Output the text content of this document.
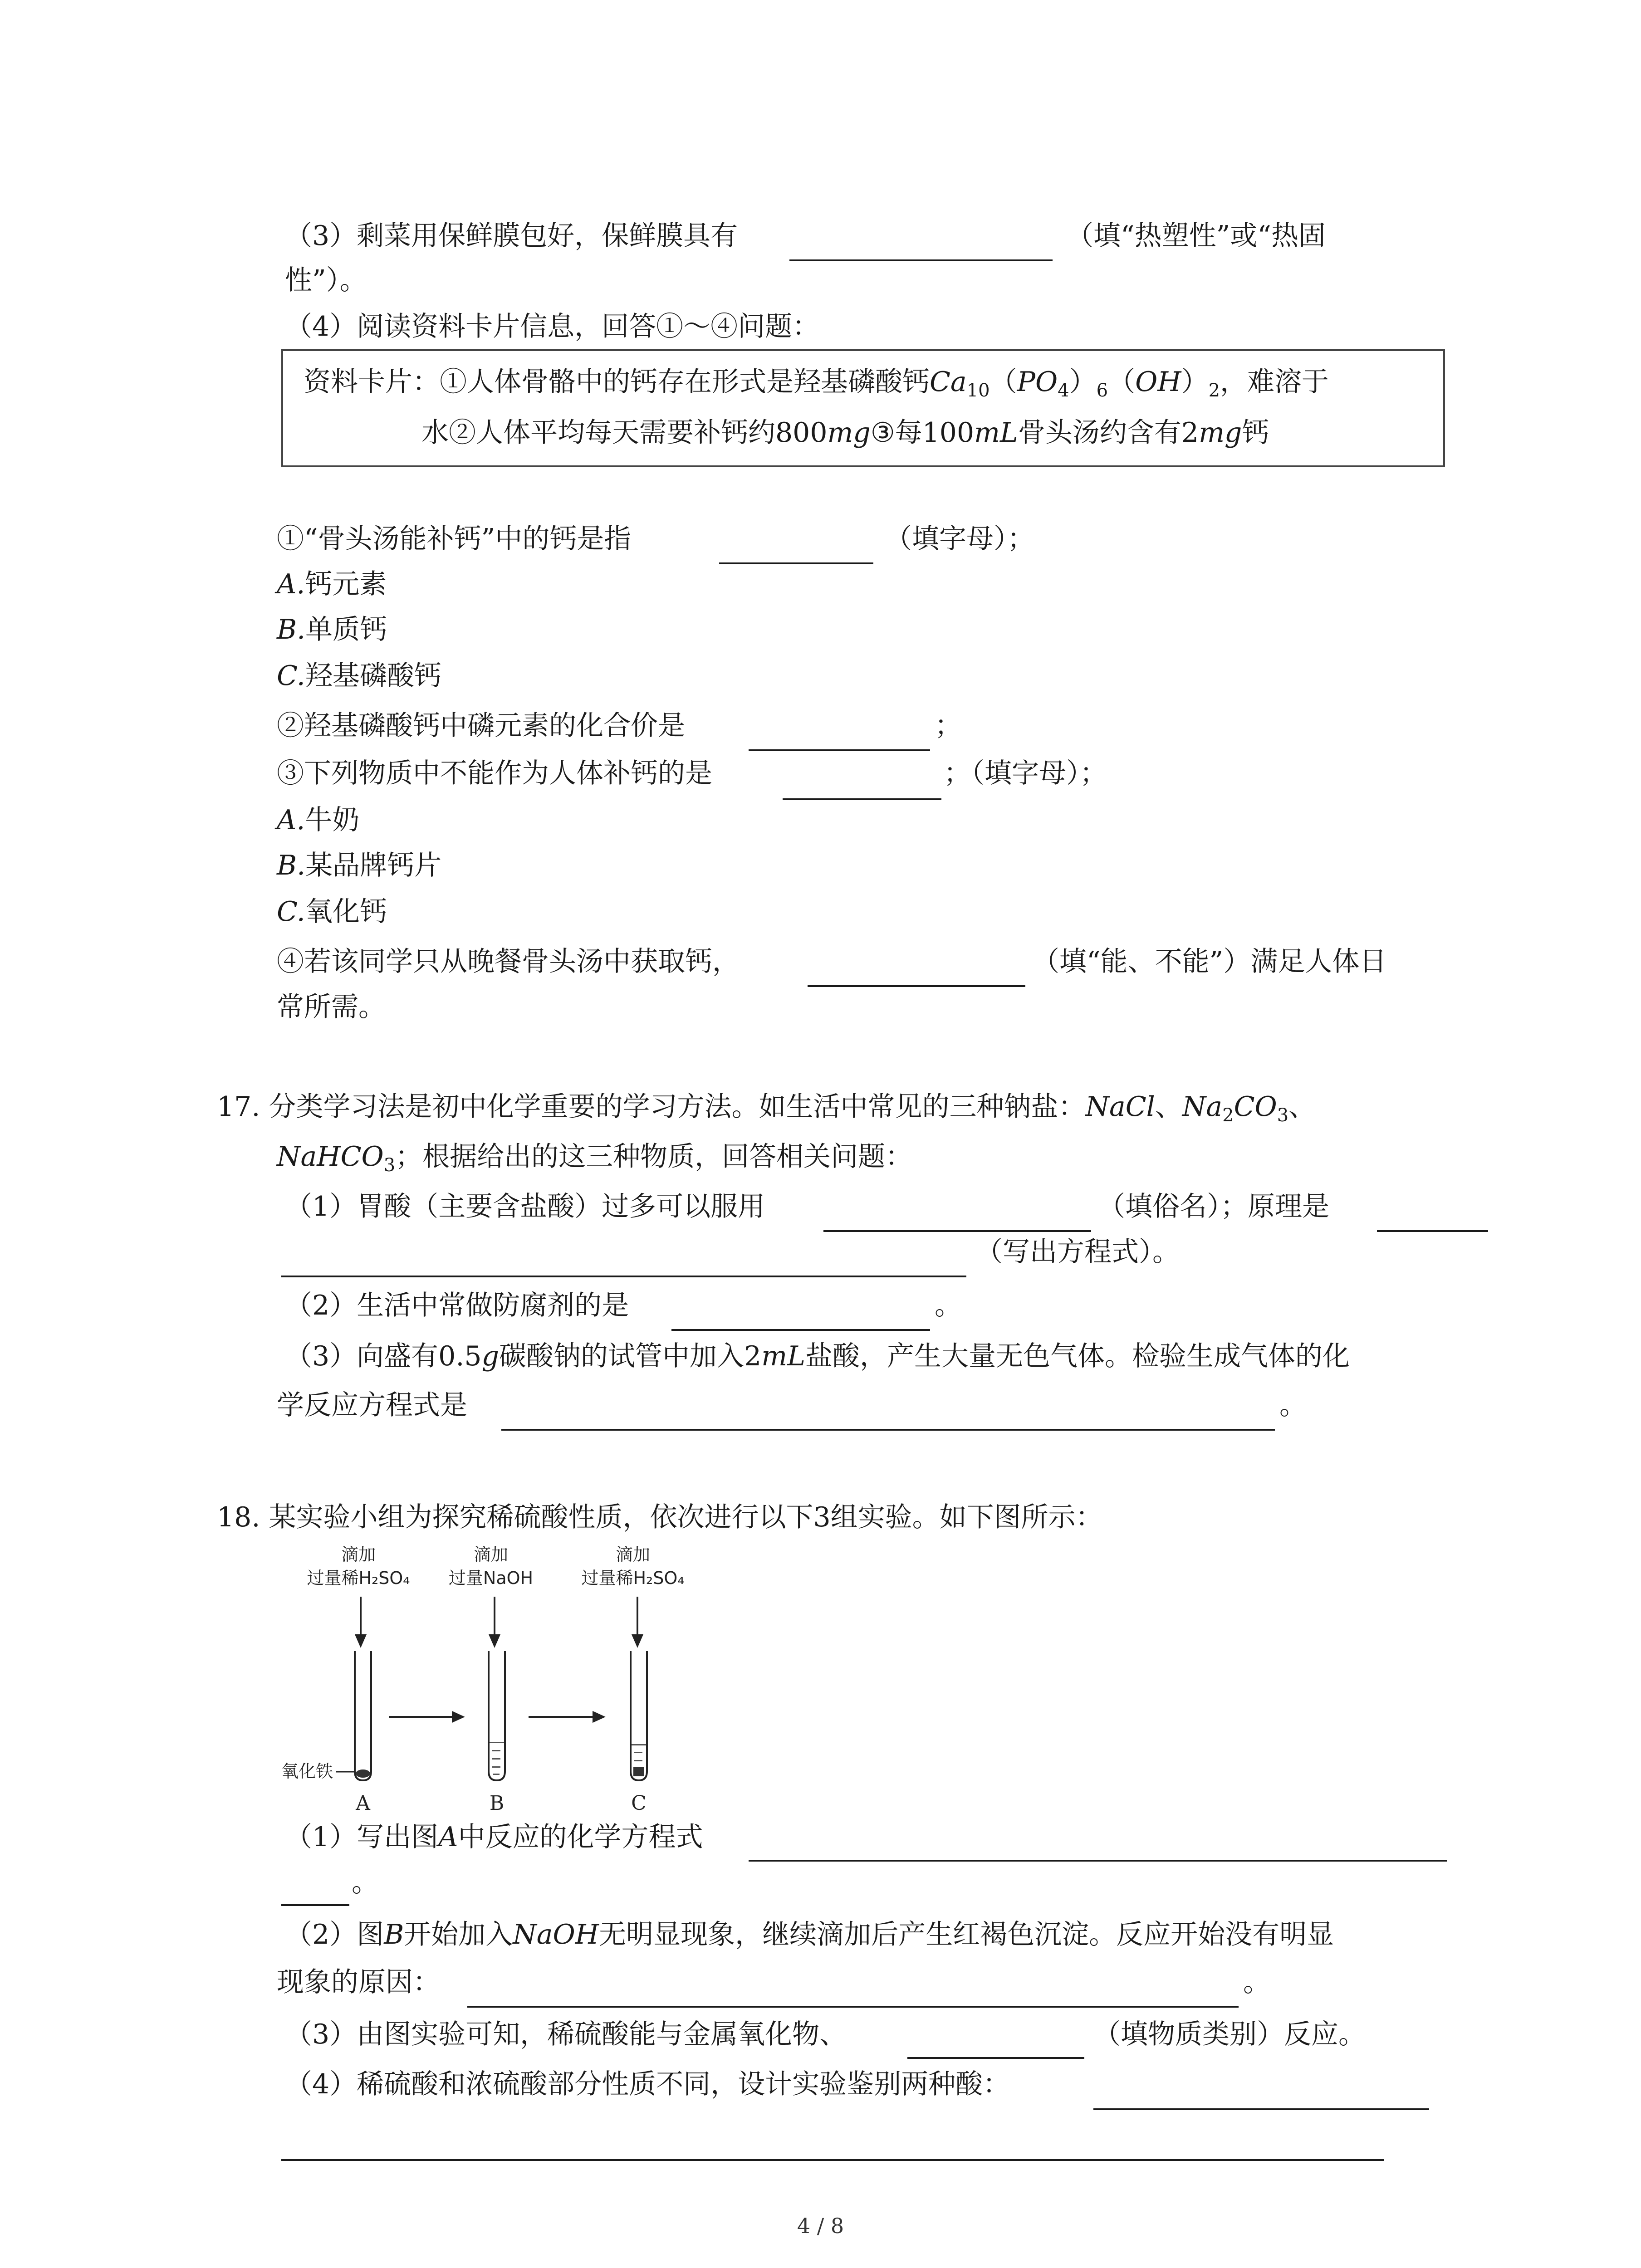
（3）剩菜用保鲜膜包好，保鲜膜具有	（填“热塑性”或“热固
性”）。
（4）阅读资料卡片信息，回答①～④问题：
资料卡片：①人体骨骼中的钙存在形式是羟基磷酸钙$Ca_{10}(PO_4)_6(OH)_2$，难溶于
水②人体平均每天需要补钙约800mg③每100mL骨头汤约含有2mg钙
①“骨头汤能补钙”中的钙是指	（填字母）；
A.钙元素
B.单质钙
C.羟基磷酸钙
②羟基磷酸钙中磷元素的化合价是	；
③下列物质中不能作为人体补钙的是	；（填字母）；
A.牛奶
B.某品牌钙片
C.氧化钙
④若该同学只从晚餐骨头汤中获取钙，	（填“能、不能”）满足人体日
常所需。
17. 分类学习法是初中化学重要的学习方法。如生活中常见的三种钠盐：NaCl、$Na_2CO_3$、
NaHCO$_3$；根据给出的这三种物质，回答相关问题：
（1）胃酸（主要含盐酸）过多可以服用	（填俗名）；原理是
（写出方程式）。
（2）生活中常做防腐剂的是	。
（3）向盛有0.5g碳酸钠的试管中加入2mL盐酸，产生大量无色气体。检验生成气体的化
学反应方程式是	。
18. 某实验小组为探究稀硫酸性质，依次进行以下3组实验。如下图所示：
滴加
过量稀H₂SO₄
滴加
过量NaOH
滴加
过量稀H₂SO₄
氧化铁
A	B	C
（1）写出图A中反应的化学方程式
。
（2）图B开始加入NaOH无明显现象，继续滴加后产生红褐色沉淀。反应开始没有明显
现象的原因：	。
（3）由图实验可知，稀硫酸能与金属氧化物、	（填物质类别）反应。
（4）稀硫酸和浓硫酸部分性质不同，设计实验鉴别两种酸：
4 / 8
